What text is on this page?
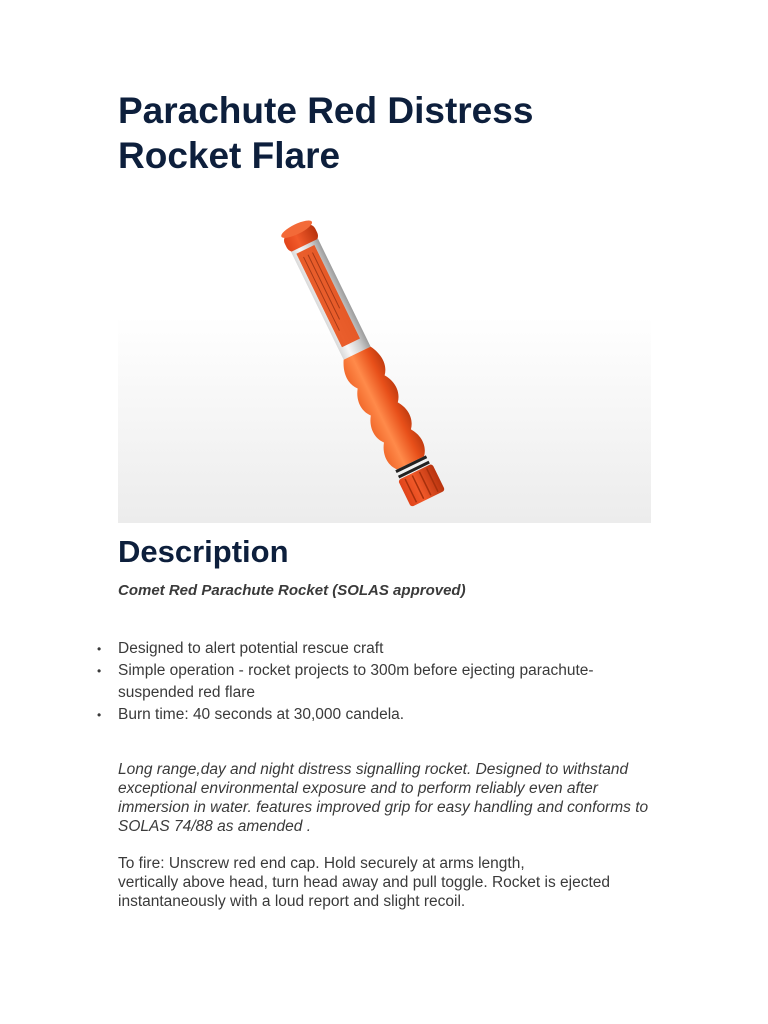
Parachute Red Distress Rocket Flare
Description

Comet Red Parachute Rocket (SOLAS approved)

• Designed to alert potential rescue craft
• Simple operation - rocket projects to 300m before ejecting parachute-suspended red flare
• Burn time: 40 seconds at 30,000 candela.

Long range,day and night distress signalling rocket. Designed to withstand exceptional environmental exposure and to perform reliably even after immersion in water. features improved grip for easy handling and conforms to SOLAS 74/88 as amended .

To fire: Unscrew red end cap. Hold securely at arms length,
vertically above head, turn head away and pull toggle. Rocket is ejected instantaneously with a loud report and slight recoil.
